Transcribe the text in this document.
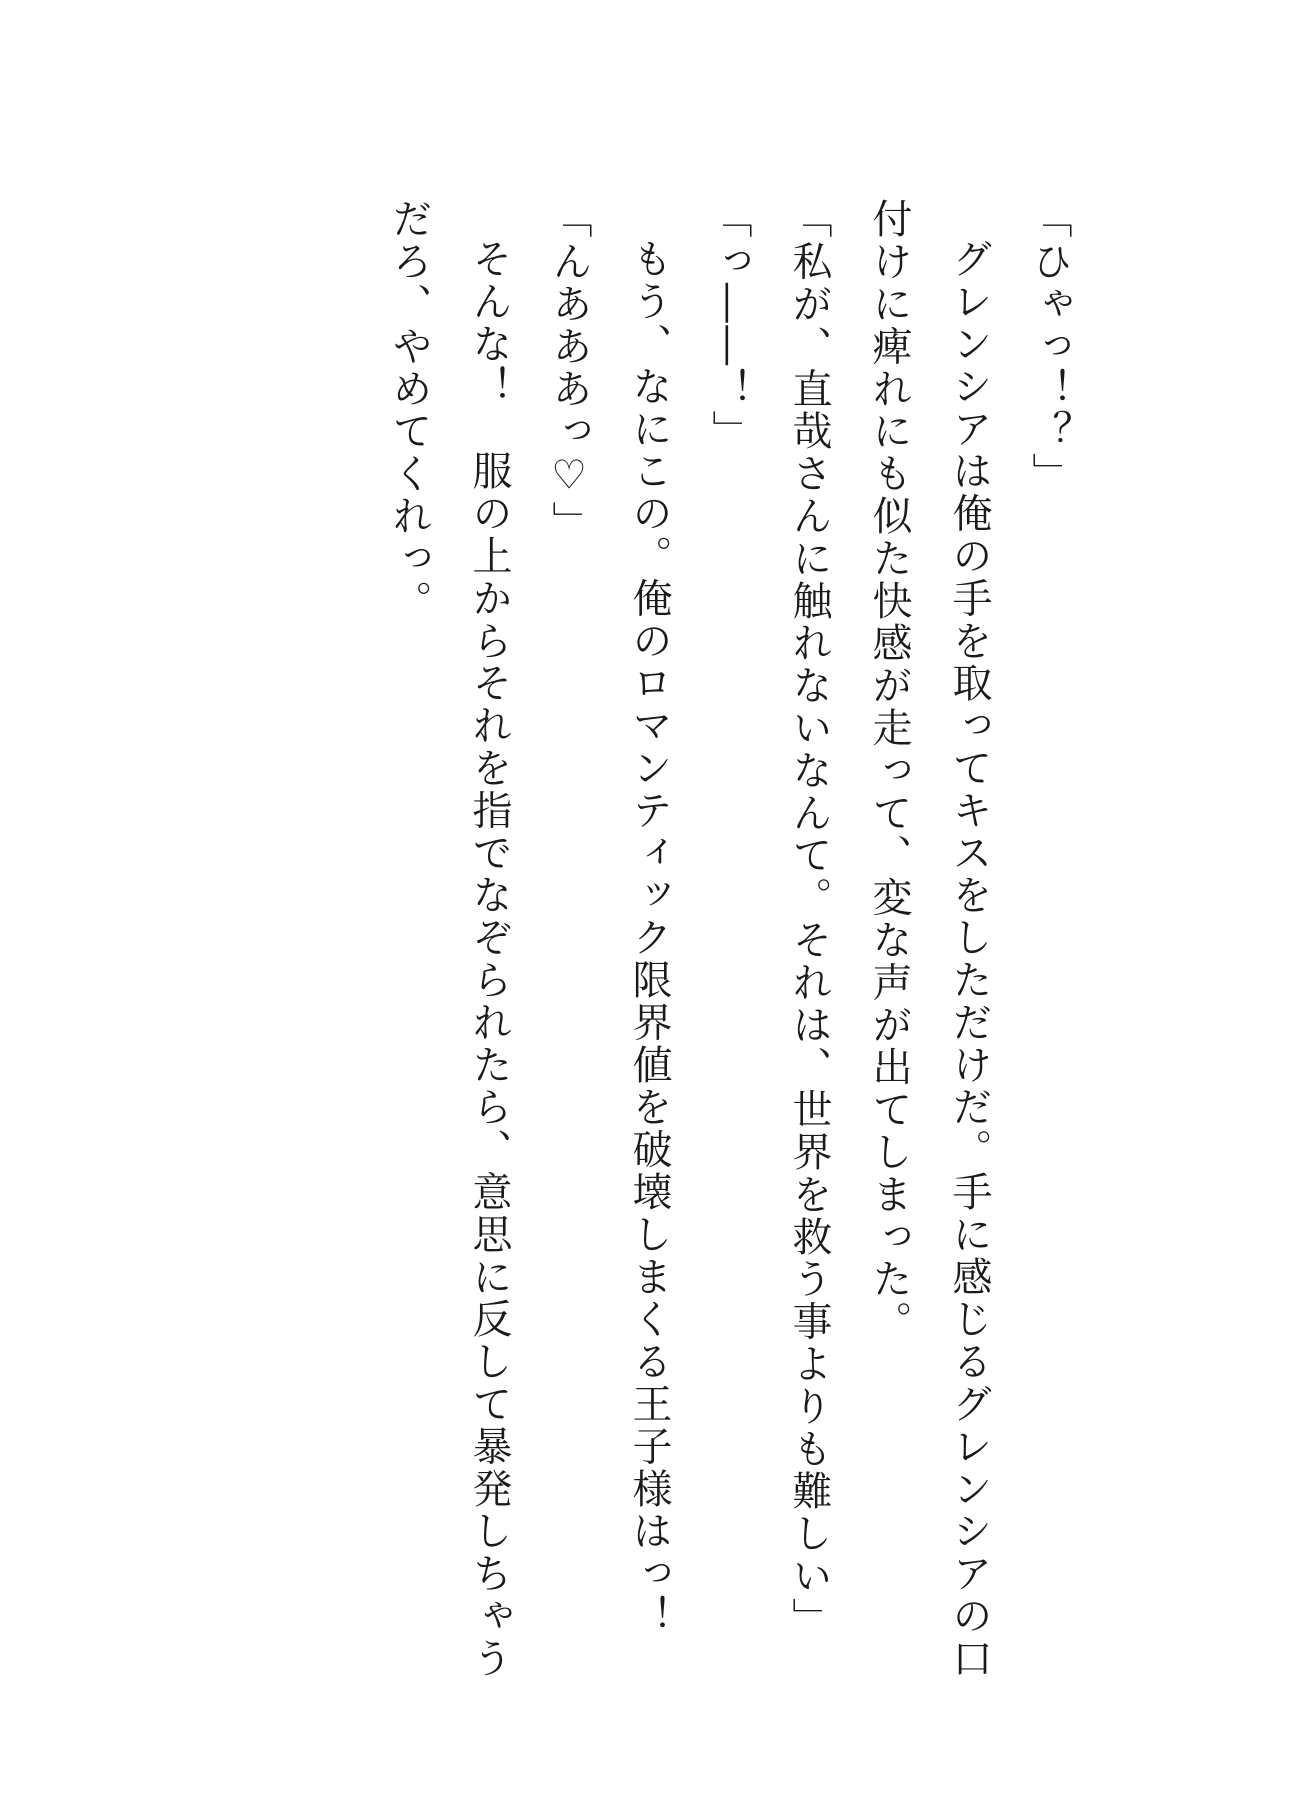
「ひゃっ！？」

グレンシアは俺の手を取ってキスをしただけだ。手に感じるグレンシアの口付けに痺れにも似た快感が走って、変な声が出てしまった。

「私が、直哉さんに触れないなんて。それは、世界を救う事よりも難しい」

「っ――！」

もう、なにこの。俺のロマンティック限界値を破壊しまくる王子様はっ！

「んあああっ♡」

そんな！　服の上からそれを指でなぞられたら、意思に反して暴発しちゃうだろ、やめてくれっ。
